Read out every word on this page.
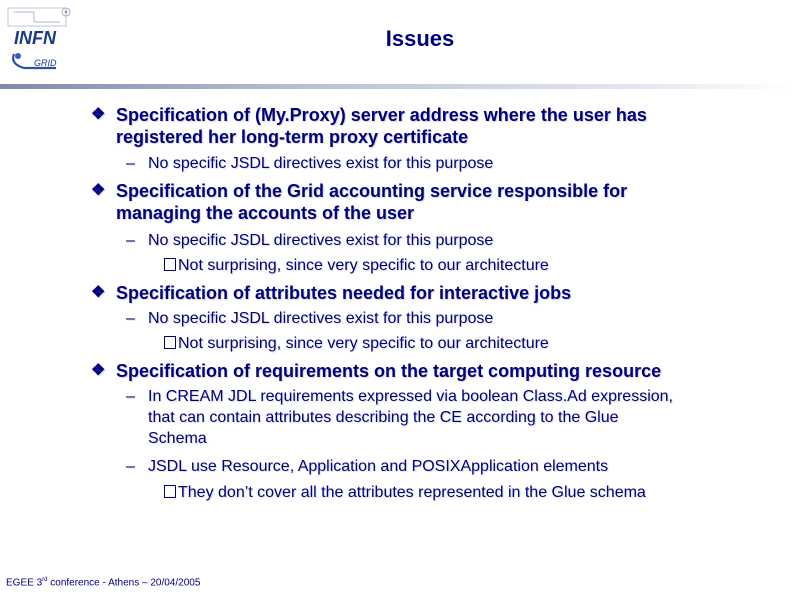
INFN
GRID
Issues
❖ Specification of (My.Proxy) server address where the user has
registered her long-term proxy certificate
– No specific JSDL directives exist for this purpose
❖ Specification of the Grid accounting service responsible for
managing the accounts of the user
– No specific JSDL directives exist for this purpose
Not surprising, since very specific to our architecture
❖ Specification of attributes needed for interactive jobs
– No specific JSDL directives exist for this purpose
Not surprising, since very specific to our architecture
❖ Specification of requirements on the target computing resource
– In CREAM JDL requirements expressed via boolean Class.Ad expression,
that can contain attributes describing the CE according to the Glue
Schema
– JSDL use Resource, Application and POSIXApplication elements
They don’t cover all the attributes represented in the Glue schema
EGEE 3rd conference - Athens – 20/04/2005
